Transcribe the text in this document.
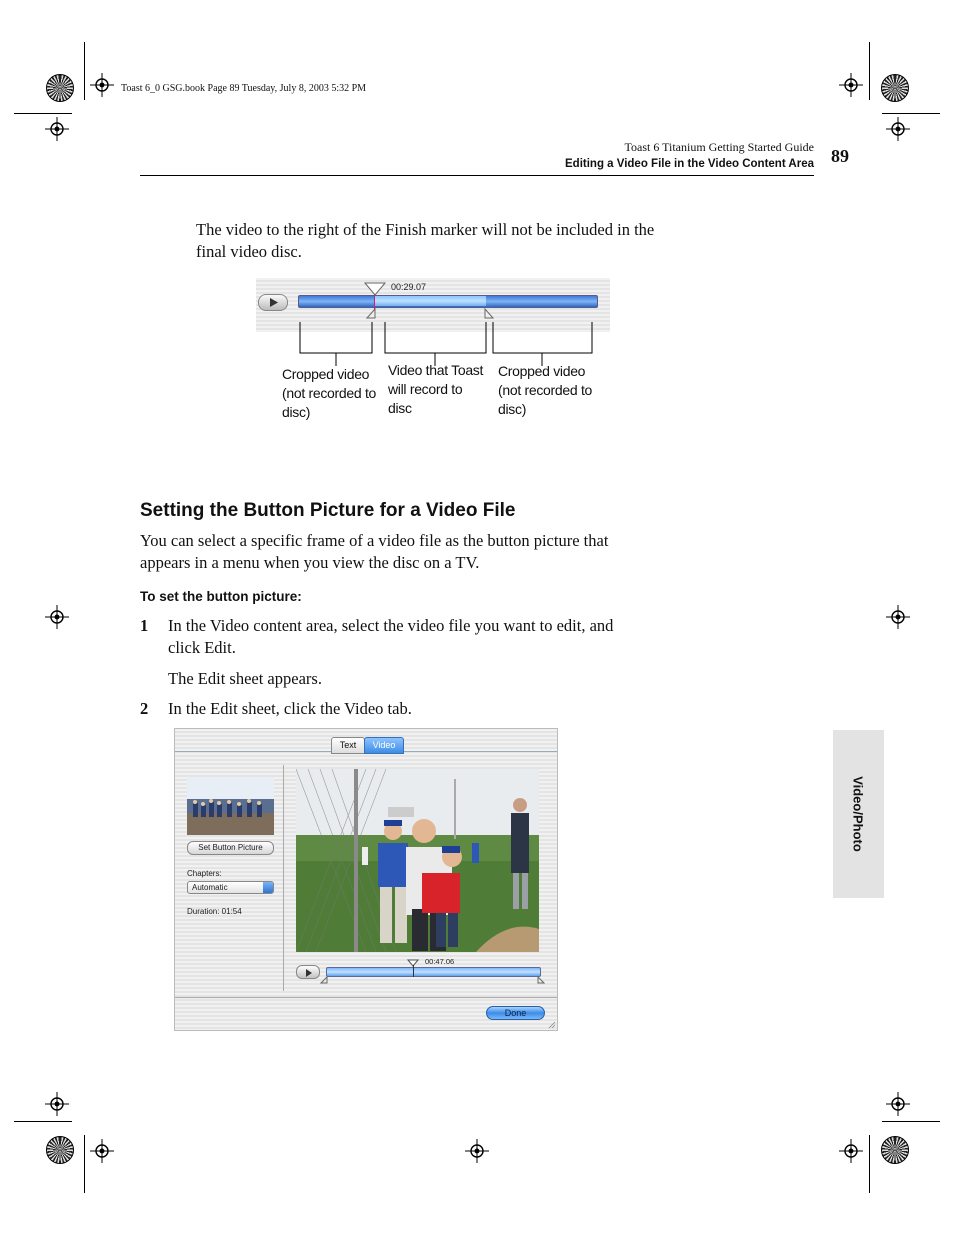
Toast 6_0 GSG.book Page 89 Tuesday, July 8, 2003 5:32 PM
Toast 6 Titanium Getting Started Guide
Editing a Video File in the Video Content Area 89
The video to the right of the Finish marker will not be included in the final video disc.
00:29.07
Cropped video (not recorded to disc)
Video that Toast will record to disc
Cropped video (not recorded to disc)
Setting the Button Picture for a Video File
You can select a specific frame of a video file as the button picture that appears in a menu when you view the disc on a TV.
To set the button picture:
1 In the Video content area, select the video file you want to edit, and click Edit.
The Edit sheet appears.
2 In the Edit sheet, click the Video tab.
Text	Video
Set Button Picture
Chapters:
Automatic
Duration: 01:54
00:47.06
Done
Video/Photo
